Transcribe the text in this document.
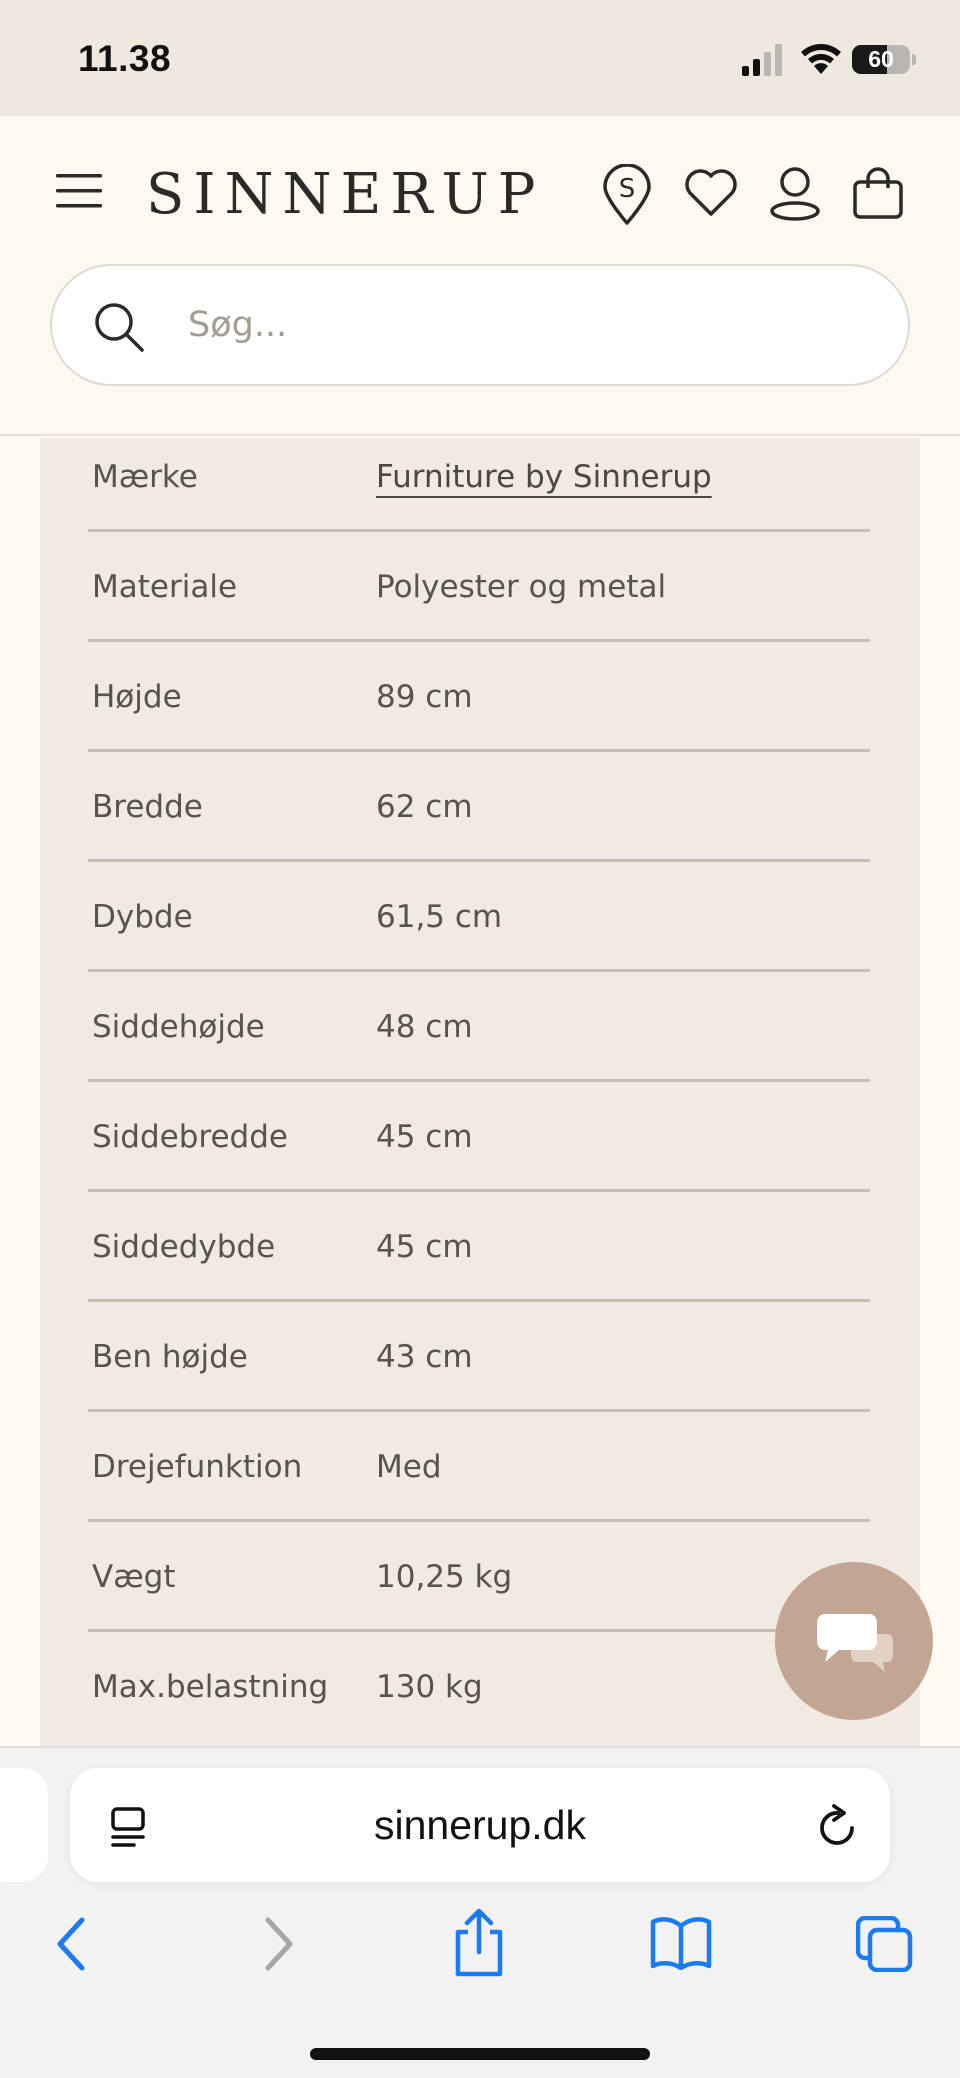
11.38	60
SINNERUP	S
Søg...
Mærke	Furniture by Sinnerup
Materiale	Polyester og metal
Højde	89 cm
Bredde	62 cm
Dybde	61,5 cm
Siddehøjde	48 cm
Siddebredde	45 cm
Siddedybde	45 cm
Ben højde	43 cm
Drejefunktion Med
Vægt	10,25 kg
Max.belastning 130 kg
sinnerup.dk
